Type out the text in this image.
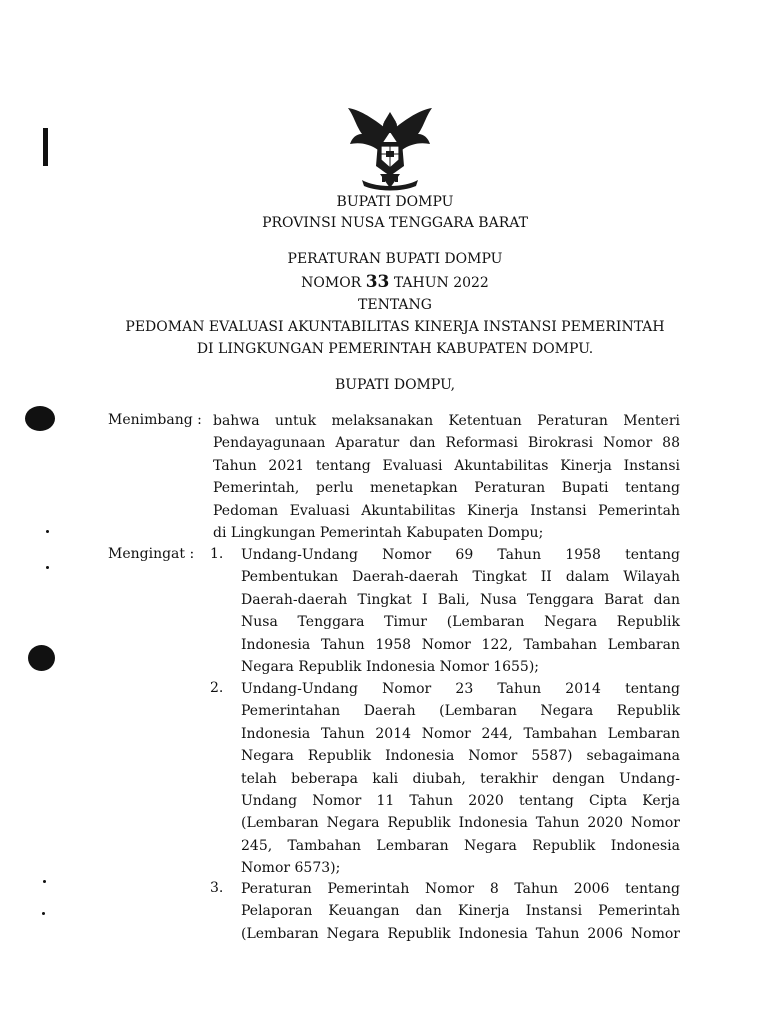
BUPATI DOMPU
PROVINSI NUSA TENGGARA BARAT
PERATURAN BUPATI DOMPU
NOMOR 33 TAHUN 2022
TENTANG
PEDOMAN EVALUASI AKUNTABILITAS KINERJA INSTANSI PEMERINTAH
DI LINGKUNGAN PEMERINTAH KABUPATEN DOMPU.
BUPATI DOMPU,
Menimbang : bahwa untuk melaksanakan Ketentuan Peraturan Menteri
Pendayagunaan Aparatur dan Reformasi Birokrasi Nomor 88
Tahun 2021 tentang Evaluasi Akuntabilitas Kinerja Instansi
Pemerintah, perlu menetapkan Peraturan Bupati tentang
Pedoman Evaluasi Akuntabilitas Kinerja Instansi Pemerintah
di Lingkungan Pemerintah Kabupaten Dompu;
Mengingat : 1. Undang-Undang Nomor 69 Tahun 1958 tentang
Pembentukan Daerah-daerah Tingkat II dalam Wilayah
Daerah-daerah Tingkat I Bali, Nusa Tenggara Barat dan
Nusa Tenggara Timur (Lembaran Negara Republik
Indonesia Tahun 1958 Nomor 122, Tambahan Lembaran
Negara Republik Indonesia Nomor 1655);
2. Undang-Undang Nomor 23 Tahun 2014 tentang
Pemerintahan Daerah (Lembaran Negara Republik
Indonesia Tahun 2014 Nomor 244, Tambahan Lembaran
Negara Republik Indonesia Nomor 5587) sebagaimana
telah beberapa kali diubah, terakhir dengan Undang-
Undang Nomor 11 Tahun 2020 tentang Cipta Kerja
(Lembaran Negara Republik Indonesia Tahun 2020 Nomor
245, Tambahan Lembaran Negara Republik Indonesia
Nomor 6573);
3. Peraturan Pemerintah Nomor 8 Tahun 2006 tentang
Pelaporan Keuangan dan Kinerja Instansi Pemerintah
(Lembaran Negara Republik Indonesia Tahun 2006 Nomor
